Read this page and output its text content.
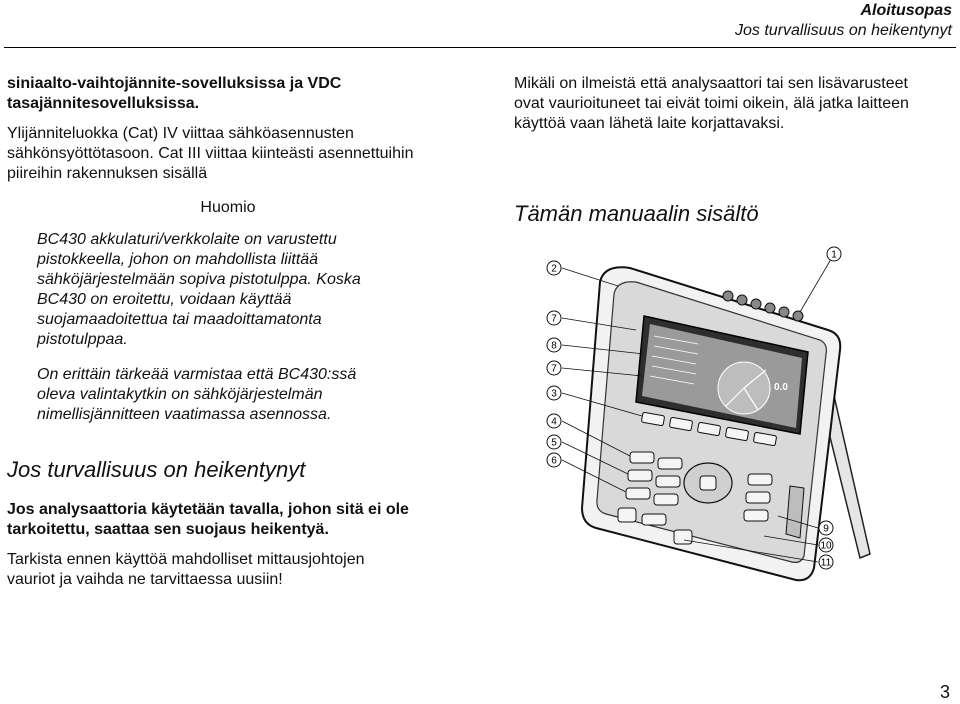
Aloitusopas
Jos turvallisuus on heikentynyt
siniaalto-vaihtojännite-sovelluksissa ja VDC
tasajännitesovelluksissa.
Ylijänniteluokka (Cat) IV viittaa sähköasennusten
sähkönsyöttötasoon. Cat III viittaa kiinteästi asennettuihin
piireihin rakennuksen sisällä
Huomio
BC430 akkulaturi/verkkolaite on varustettu
pistokkeella, johon on mahdollista liittää
sähköjärjestelmään sopiva pistotulppa. Koska
BC430 on eroitettu, voidaan käyttää
suojamaadoitettua tai maadoittamatonta
pistotulppaa.
On erittäin tärkeää varmistaa että BC430:ssä
oleva valintakytkin on sähköjärjestelmän
nimellisjännitteen vaatimassa asennossa.
Jos turvallisuus on heikentynyt
Jos analysaattoria käytetään tavalla, johon sitä ei ole
tarkoitettu, saattaa sen suojaus heikentyä.
Tarkista ennen käyttöä mahdolliset mittausjohtojen
vauriot ja vaihda ne tarvittaessa uusiin!
Mikäli on ilmeistä että analysaattori tai sen lisävarusteet
ovat vaurioituneet tai eivät toimi oikein, älä jatka laitteen
käyttöä vaan lähetä laite korjattavaksi.
Tämän manuaalin sisältö
0.0
2
7
8
7
3
4
5
6
1
9
10
11
3
